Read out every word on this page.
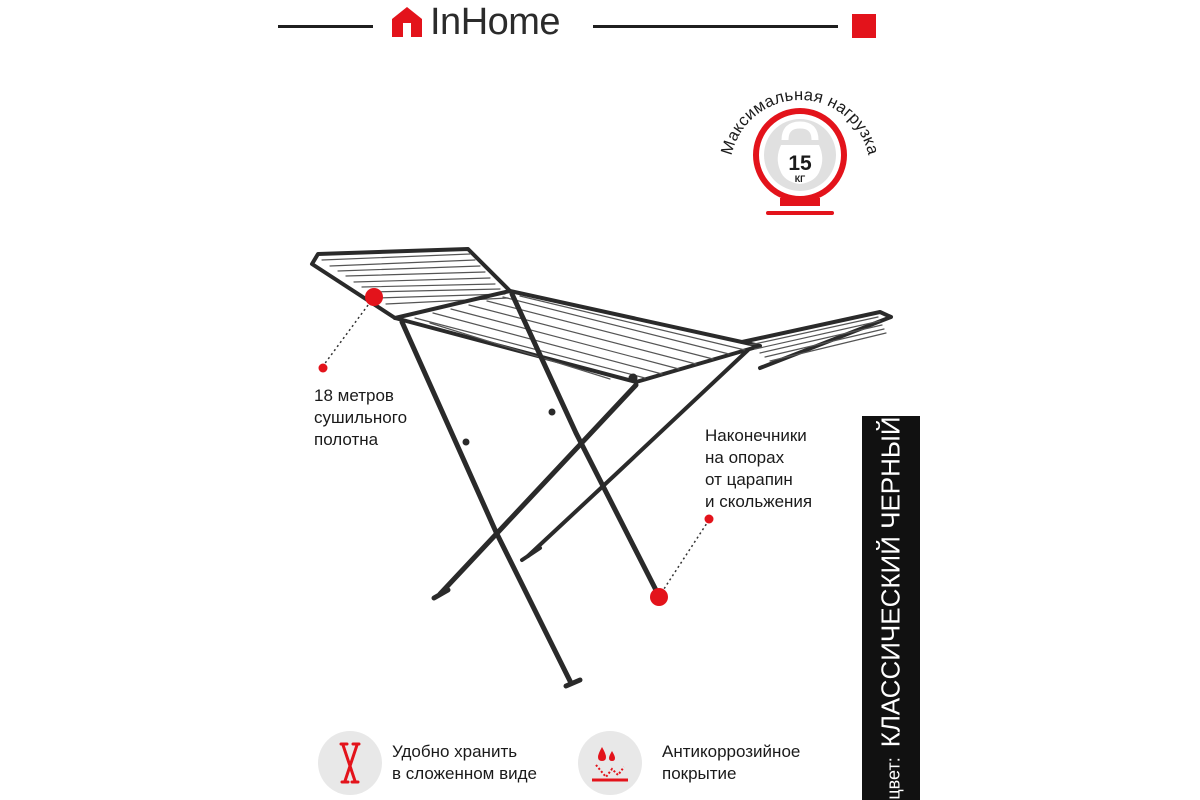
InHome
Максимальная нагрузка
15
КГ
18 метров
сушильного
полотна	Наконечники
на опорах
от царапин
и скольжения
Удобно хранить
в сложенном виде
Антикоррозийное
покрытие	цвет:КЛАССИЧЕСКИЙ ЧЕРНЫЙ
